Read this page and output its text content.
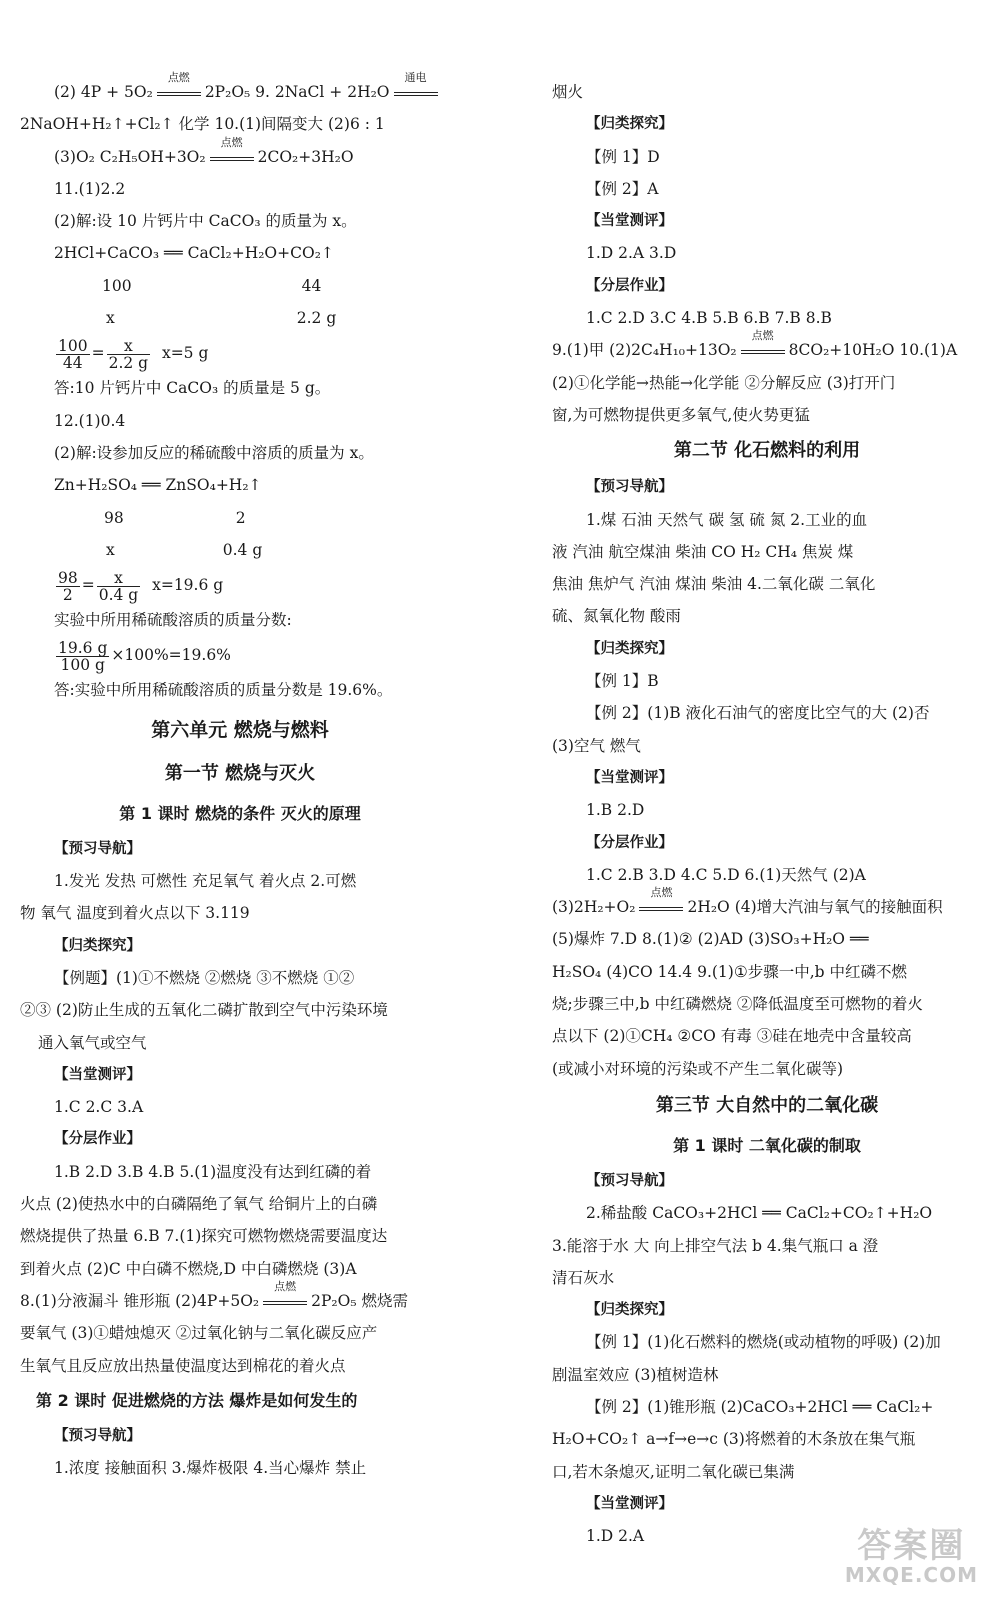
(2) 4P + 5O₂
点燃
2P₂O₅ 9. 2NaCl + 2H₂O
通电
2NaOH+H₂↑+Cl₂↑ 化学 10.(1)间隔变大 (2)6 : 1
(3)O₂ C₂H₅OH+3O₂
点燃
2CO₂+3H₂O
11.(1)2.2
(2)解:设 10 片钙片中 CaCO₃ 的质量为 x。
2HCl+CaCO₃ ══ CaCl₂+H₂O+CO₂↑
100	44
x	2.2 g
$\frac{100}{44} = \frac{x}{2.2 g} x=5$ g
答:10 片钙片中 CaCO₃ 的质量是 5 g。
12.(1)0.4
(2)解:设参加反应的稀硫酸中溶质的质量为 x。
Zn+H₂SO₄ ══ ZnSO₄+H₂↑
98	2
x	0.4 g
$\frac{98}{2} = \frac{x}{0.4 g} x=19.6$ g
实验中所用稀硫酸溶质的质量分数:
$\frac{19.6 g}{100 g} \times 100\%=19.6\%$
答:实验中所用稀硫酸溶质的质量分数是 19.6%。
第六单元 燃烧与燃料
第一节 燃烧与灭火
第 1 课时 燃烧的条件 灭火的原理
【预习导航】
1.发光 发热 可燃性 充足氧气 着火点 2.可燃
物 氧气 温度到着火点以下 3.119
【归类探究】
【例题】(1)①不燃烧 ②燃烧 ③不燃烧 ①②
②③ (2)防止生成的五氧化二磷扩散到空气中污染环境
通入氧气或空气
【当堂测评】
1.C 2.C 3.A
【分层作业】
1.B 2.D 3.B 4.B 5.(1)温度没有达到红磷的着
火点 (2)使热水中的白磷隔绝了氧气 给铜片上的白磷
燃烧提供了热量 6.B 7.(1)探究可燃物燃烧需要温度达
到着火点 (2)C 中白磷不燃烧,D 中白磷燃烧 (3)A
8.(1)分液漏斗 锥形瓶 (2)4P+5O₂
点燃
2P₂O₅ 燃烧需
要氧气 (3)①蜡烛熄灭 ②过氧化钠与二氧化碳反应产
生氧气且反应放出热量使温度达到棉花的着火点
第 2 课时 促进燃烧的方法 爆炸是如何发生的
【预习导航】
1.浓度 接触面积 3.爆炸极限 4.当心爆炸 禁止
烟火
【归类探究】
【例 1】D
【例 2】A
【当堂测评】
1.D 2.A 3.D
【分层作业】
1.C 2.D 3.C 4.B 5.B 6.B 7.B 8.B
9.(1)甲 (2)2C₄H₁₀+13O₂
点燃
8CO₂+10H₂O 10.(1)A
(2)①化学能→热能→化学能 ②分解反应 (3)打开门
窗,为可燃物提供更多氧气,使火势更猛
第二节 化石燃料的利用
【预习导航】
1.煤 石油 天然气 碳 氢 硫 氮 2.工业的血
液 汽油 航空煤油 柴油 CO H₂ CH₄ 焦炭 煤
焦油 焦炉气 汽油 煤油 柴油 4.二氧化碳 二氧化
硫、氮氧化物 酸雨
【归类探究】
【例 1】B
【例 2】(1)B 液化石油气的密度比空气的大 (2)否
(3)空气 燃气
【当堂测评】
1.B 2.D
【分层作业】
1.C 2.B 3.D 4.C 5.D 6.(1)天然气 (2)A
(3)2H₂+O₂
点燃
2H₂O (4)增大汽油与氧气的接触面积
(5)爆炸 7.D 8.(1)② (2)AD (3)SO₃+H₂O ══
H₂SO₄ (4)CO 14.4 9.(1)①步骤一中,b 中红磷不燃
烧;步骤三中,b 中红磷燃烧 ②降低温度至可燃物的着火
点以下 (2)①CH₄ ②CO 有毒 ③硅在地壳中含量较高
(或减小对环境的污染或不产生二氧化碳等)
第三节 大自然中的二氧化碳
第 1 课时 二氧化碳的制取
【预习导航】
2.稀盐酸 CaCO₃+2HCl ══ CaCl₂+CO₂↑+H₂O
3.能溶于水 大 向上排空气法 b 4.集气瓶口 a 澄
清石灰水
【归类探究】
【例 1】(1)化石燃料的燃烧(或动植物的呼吸) (2)加
剧温室效应 (3)植树造林
【例 2】(1)锥形瓶 (2)CaCO₃+2HCl ══ CaCl₂+
H₂O+CO₂↑ a→f→e→c (3)将燃着的木条放在集气瓶
口,若木条熄灭,证明二氧化碳已集满
【当堂测评】
1.D 2.A	答案圈
MXQE.COM
